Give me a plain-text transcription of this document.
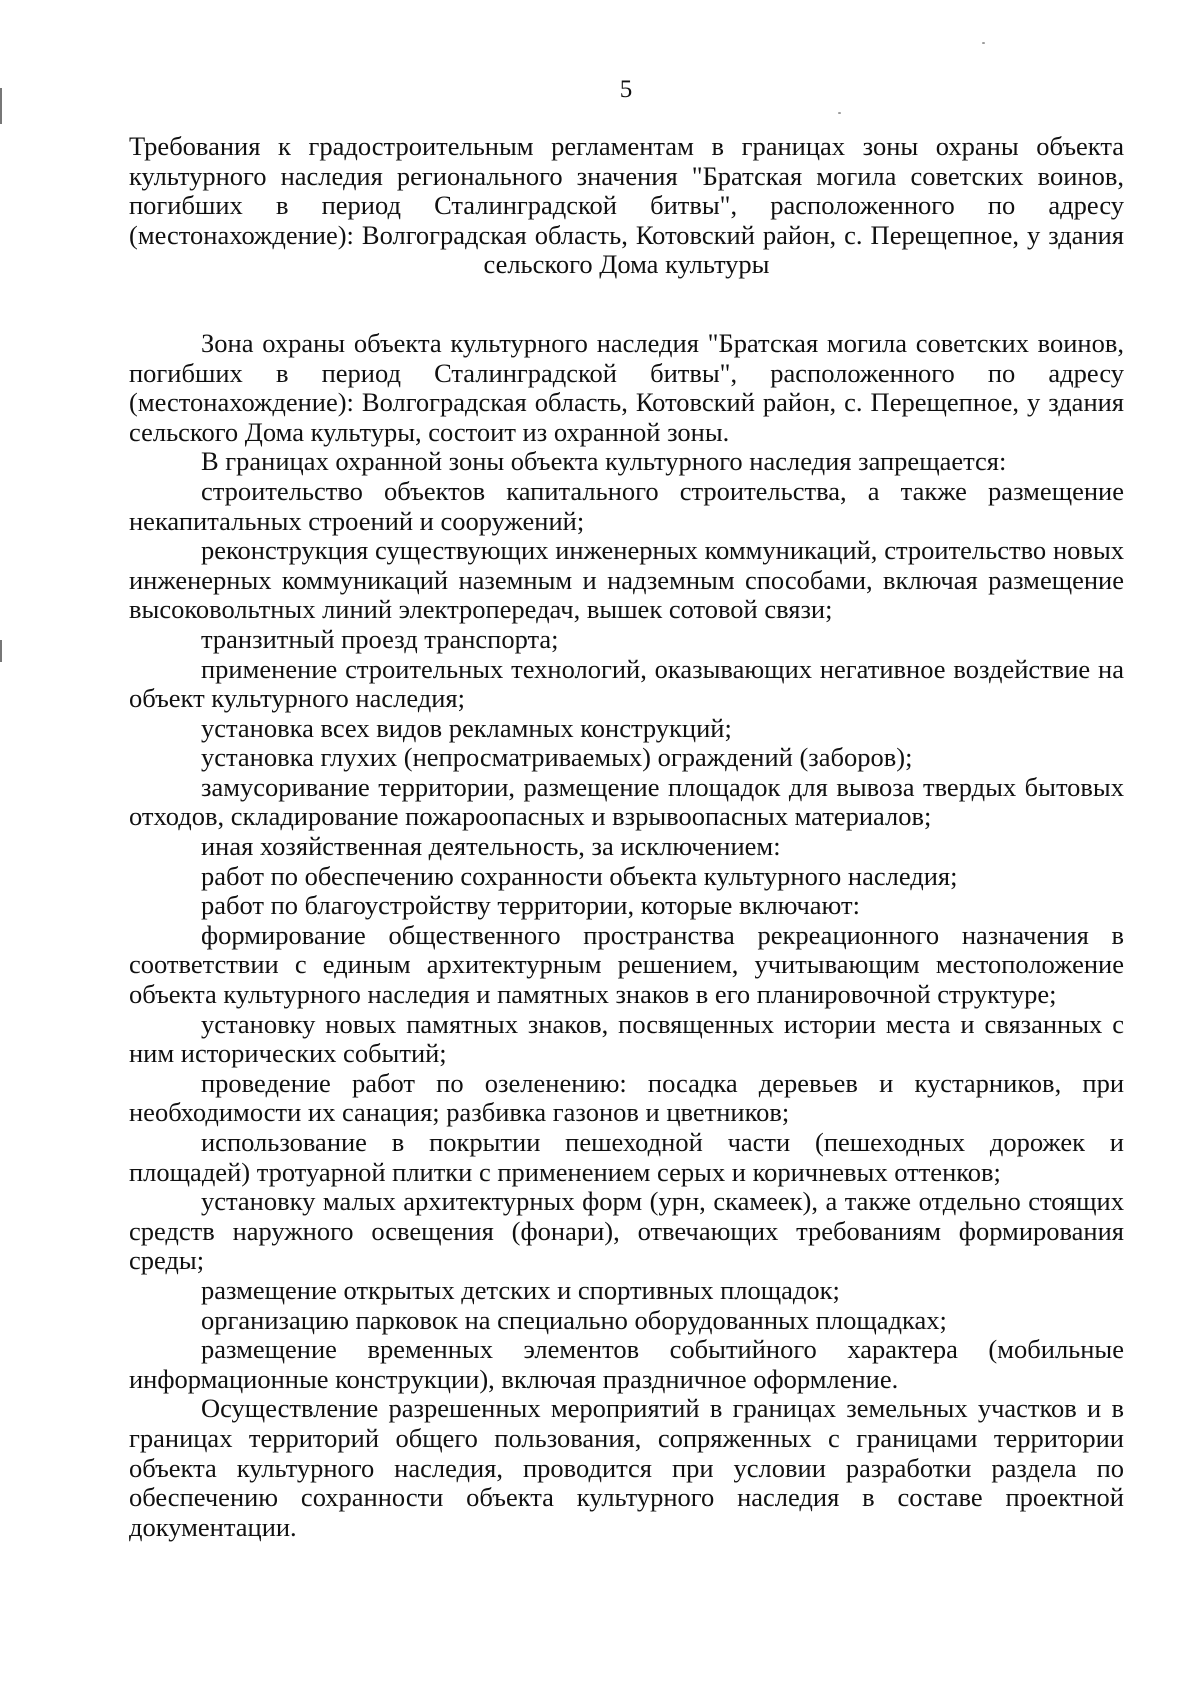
5

Требования к градостроительным регламентам в границах зоны охраны объекта культурного наследия регионального значения "Братская могила советских воинов, погибших в период Сталинградской битвы", расположенного по адресу (местонахождение): Волгоградская область, Котовский район, с. Перещепное, у здания сельского Дома культуры

Зона охраны объекта культурного наследия "Братская могила советских воинов, погибших в период Сталинградской битвы", расположенного по адресу (местонахождение): Волгоградская область, Котовский район, с. Перещепное, у здания сельского Дома культуры, состоит из охранной зоны.

В границах охранной зоны объекта культурного наследия запрещается:

строительство объектов капитального строительства, а также размещение некапитальных строений и сооружений;

реконструкция существующих инженерных коммуникаций, строительство новых инженерных коммуникаций наземным и надземным способами, включая размещение высоковольтных линий электропередач, вышек сотовой связи;

транзитный проезд транспорта;

применение строительных технологий, оказывающих негативное воздействие на объект культурного наследия;

установка всех видов рекламных конструкций;

установка глухих (непросматриваемых) ограждений (заборов);

замусоривание территории, размещение площадок для вывоза твердых бытовых отходов, складирование пожароопасных и взрывоопасных материалов;

иная хозяйственная деятельность, за исключением:

работ по обеспечению сохранности объекта культурного наследия;

работ по благоустройству территории, которые включают:

формирование общественного пространства рекреационного назначения в соответствии с единым архитектурным решением, учитывающим местоположение объекта культурного наследия и памятных знаков в его планировочной структуре;

установку новых памятных знаков, посвященных истории места и связанных с ним исторических событий;

проведение работ по озеленению: посадка деревьев и кустарников, при необходимости их санация; разбивка газонов и цветников;

использование в покрытии пешеходной части (пешеходных дорожек и площадей) тротуарной плитки с применением серых и коричневых оттенков;

установку малых архитектурных форм (урн, скамеек), а также отдельно стоящих средств наружного освещения (фонари), отвечающих требованиям формирования среды;

размещение открытых детских и спортивных площадок;

организацию парковок на специально оборудованных площадках;

размещение временных элементов событийного характера (мобильные информационные конструкции), включая праздничное оформление.

Осуществление разрешенных мероприятий в границах земельных участков и в границах территорий общего пользования, сопряженных с границами территории объекта культурного наследия, проводится при условии разработки раздела по обеспечению сохранности объекта культурного наследия в составе проектной документации.
